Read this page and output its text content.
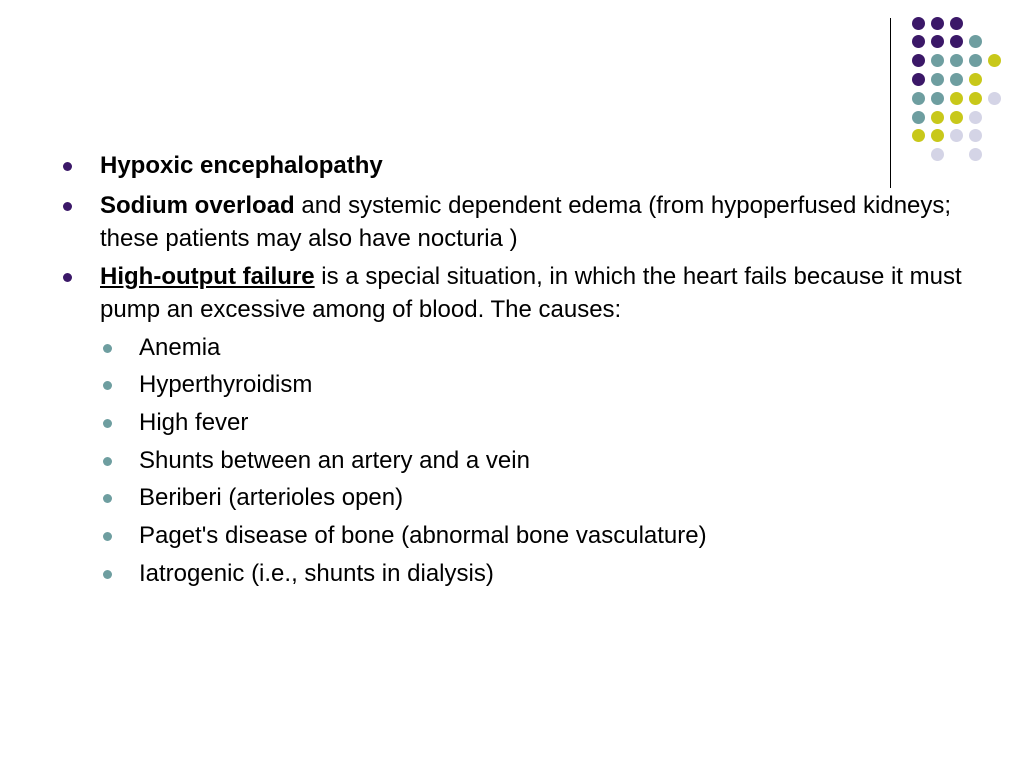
Hypoxic encephalopathy
Sodium overload and systemic dependent edema (from hypoperfused kidneys; these patients may also have nocturia )
High-output failure is a special situation, in which the heart fails because it must pump an excessive among of blood. The causes:
Anemia
Hyperthyroidism
High fever
Shunts between an artery and a vein
Beriberi (arterioles open)
Paget's disease of bone (abnormal bone vasculature)
Iatrogenic (i.e., shunts in dialysis)
